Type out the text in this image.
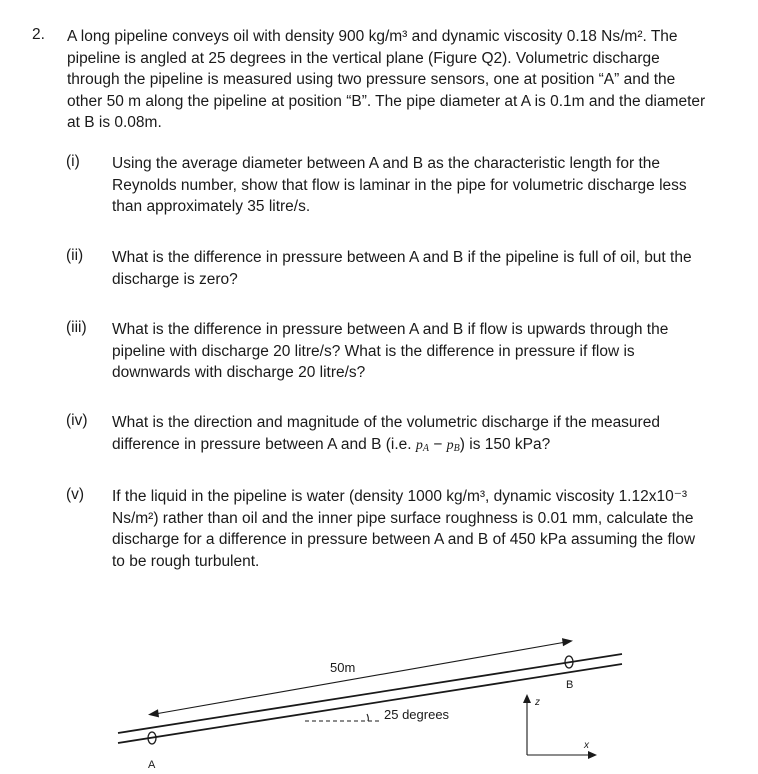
2. A long pipeline conveys oil with density 900 kg/m³ and dynamic viscosity 0.18 Ns/m². The pipeline is angled at 25 degrees in the vertical plane (Figure Q2). Volumetric discharge through the pipeline is measured using two pressure sensors, one at position “A” and the other 50 m along the pipeline at position “B”. The pipe diameter at A is 0.1m and the diameter at B is 0.08m.
(i) Using the average diameter between A and B as the characteristic length for the Reynolds number, show that flow is laminar in the pipe for volumetric discharge less than approximately 35 litre/s.
(ii) What is the difference in pressure between A and B if the pipeline is full of oil, but the discharge is zero?
(iii) What is the difference in pressure between A and B if flow is upwards through the pipeline with discharge 20 litre/s? What is the difference in pressure if flow is downwards with discharge 20 litre/s?
(iv) What is the direction and magnitude of the volumetric discharge if the measured difference in pressure between A and B (i.e. pA − pB) is 150 kPa?
(v) If the liquid in the pipeline is water (density 1000 kg/m³, dynamic viscosity 1.12x10⁻³ Ns/m²) rather than oil and the inner pipe surface roughness is 0.01 mm, calculate the discharge for a difference in pressure between A and B of 450 kPa assuming the flow to be rough turbulent.
50m
25 degrees
A
B
z
x
